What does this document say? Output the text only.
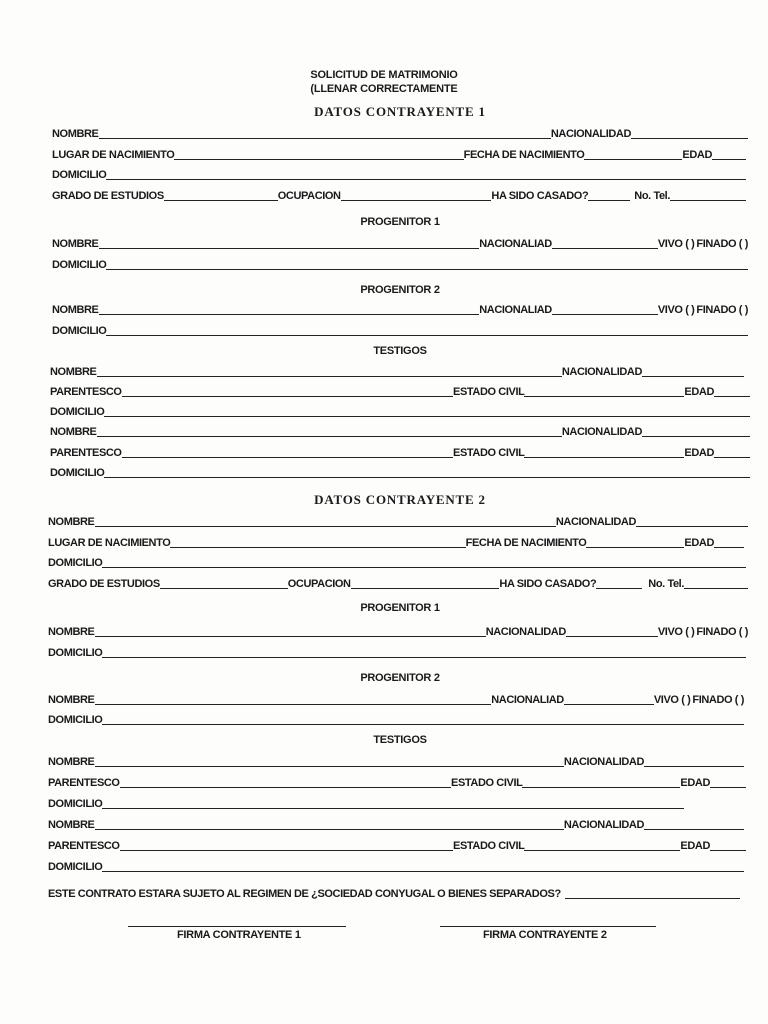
SOLICITUD DE MATRIMONIO
(LLENAR CORRECTAMENTE
DATOS CONTRAYENTE 1
NOMBRE	NACIONALIDAD
LUGAR DE NACIMIENTO	FECHA DE NACIMIENTO	EDAD
DOMICILIO
GRADO DE ESTUDIOS	OCUPACION	HA SIDO CASADO?	No. Tel.
PROGENITOR 1
NOMBRE	NACIONALIAD	VIVO ( ) FINADO ( )
DOMICILIO
PROGENITOR 2
NOMBRE	NACIONALIAD	VIVO ( ) FINADO ( )
DOMICILIO
TESTIGOS
NOMBRE	NACIONALIDAD
PARENTESCO	ESTADO CIVIL	EDAD
DOMICILIO
NOMBRE	NACIONALIDAD
PARENTESCO	ESTADO CIVIL	EDAD
DOMICILIO
DATOS CONTRAYENTE 2
NOMBRE	NACIONALIDAD
LUGAR DE NACIMIENTO	FECHA DE NACIMIENTO	EDAD
DOMICILIO
GRADO DE ESTUDIOS	OCUPACION	HA SIDO CASADO?	No. Tel.
PROGENITOR 1
NOMBRE	NACIONALIDAD	VIVO ( ) FINADO ( )
DOMICILIO
PROGENITOR 2
NOMBRE	NACIONALIAD	VIVO ( ) FINADO ( )
DOMICILIO
TESTIGOS
NOMBRE	NACIONALIDAD
PARENTESCO	ESTADO CIVIL	EDAD
DOMICILIO
NOMBRE	NACIONALIDAD
PARENTESCO	ESTADO CIVIL	EDAD
DOMICILIO
ESTE CONTRATO ESTARA SUJETO AL REGIMEN DE ¿SOCIEDAD CONYUGAL O BIENES SEPARADOS?
FIRMA CONTRAYENTE 1	FIRMA CONTRAYENTE 2
